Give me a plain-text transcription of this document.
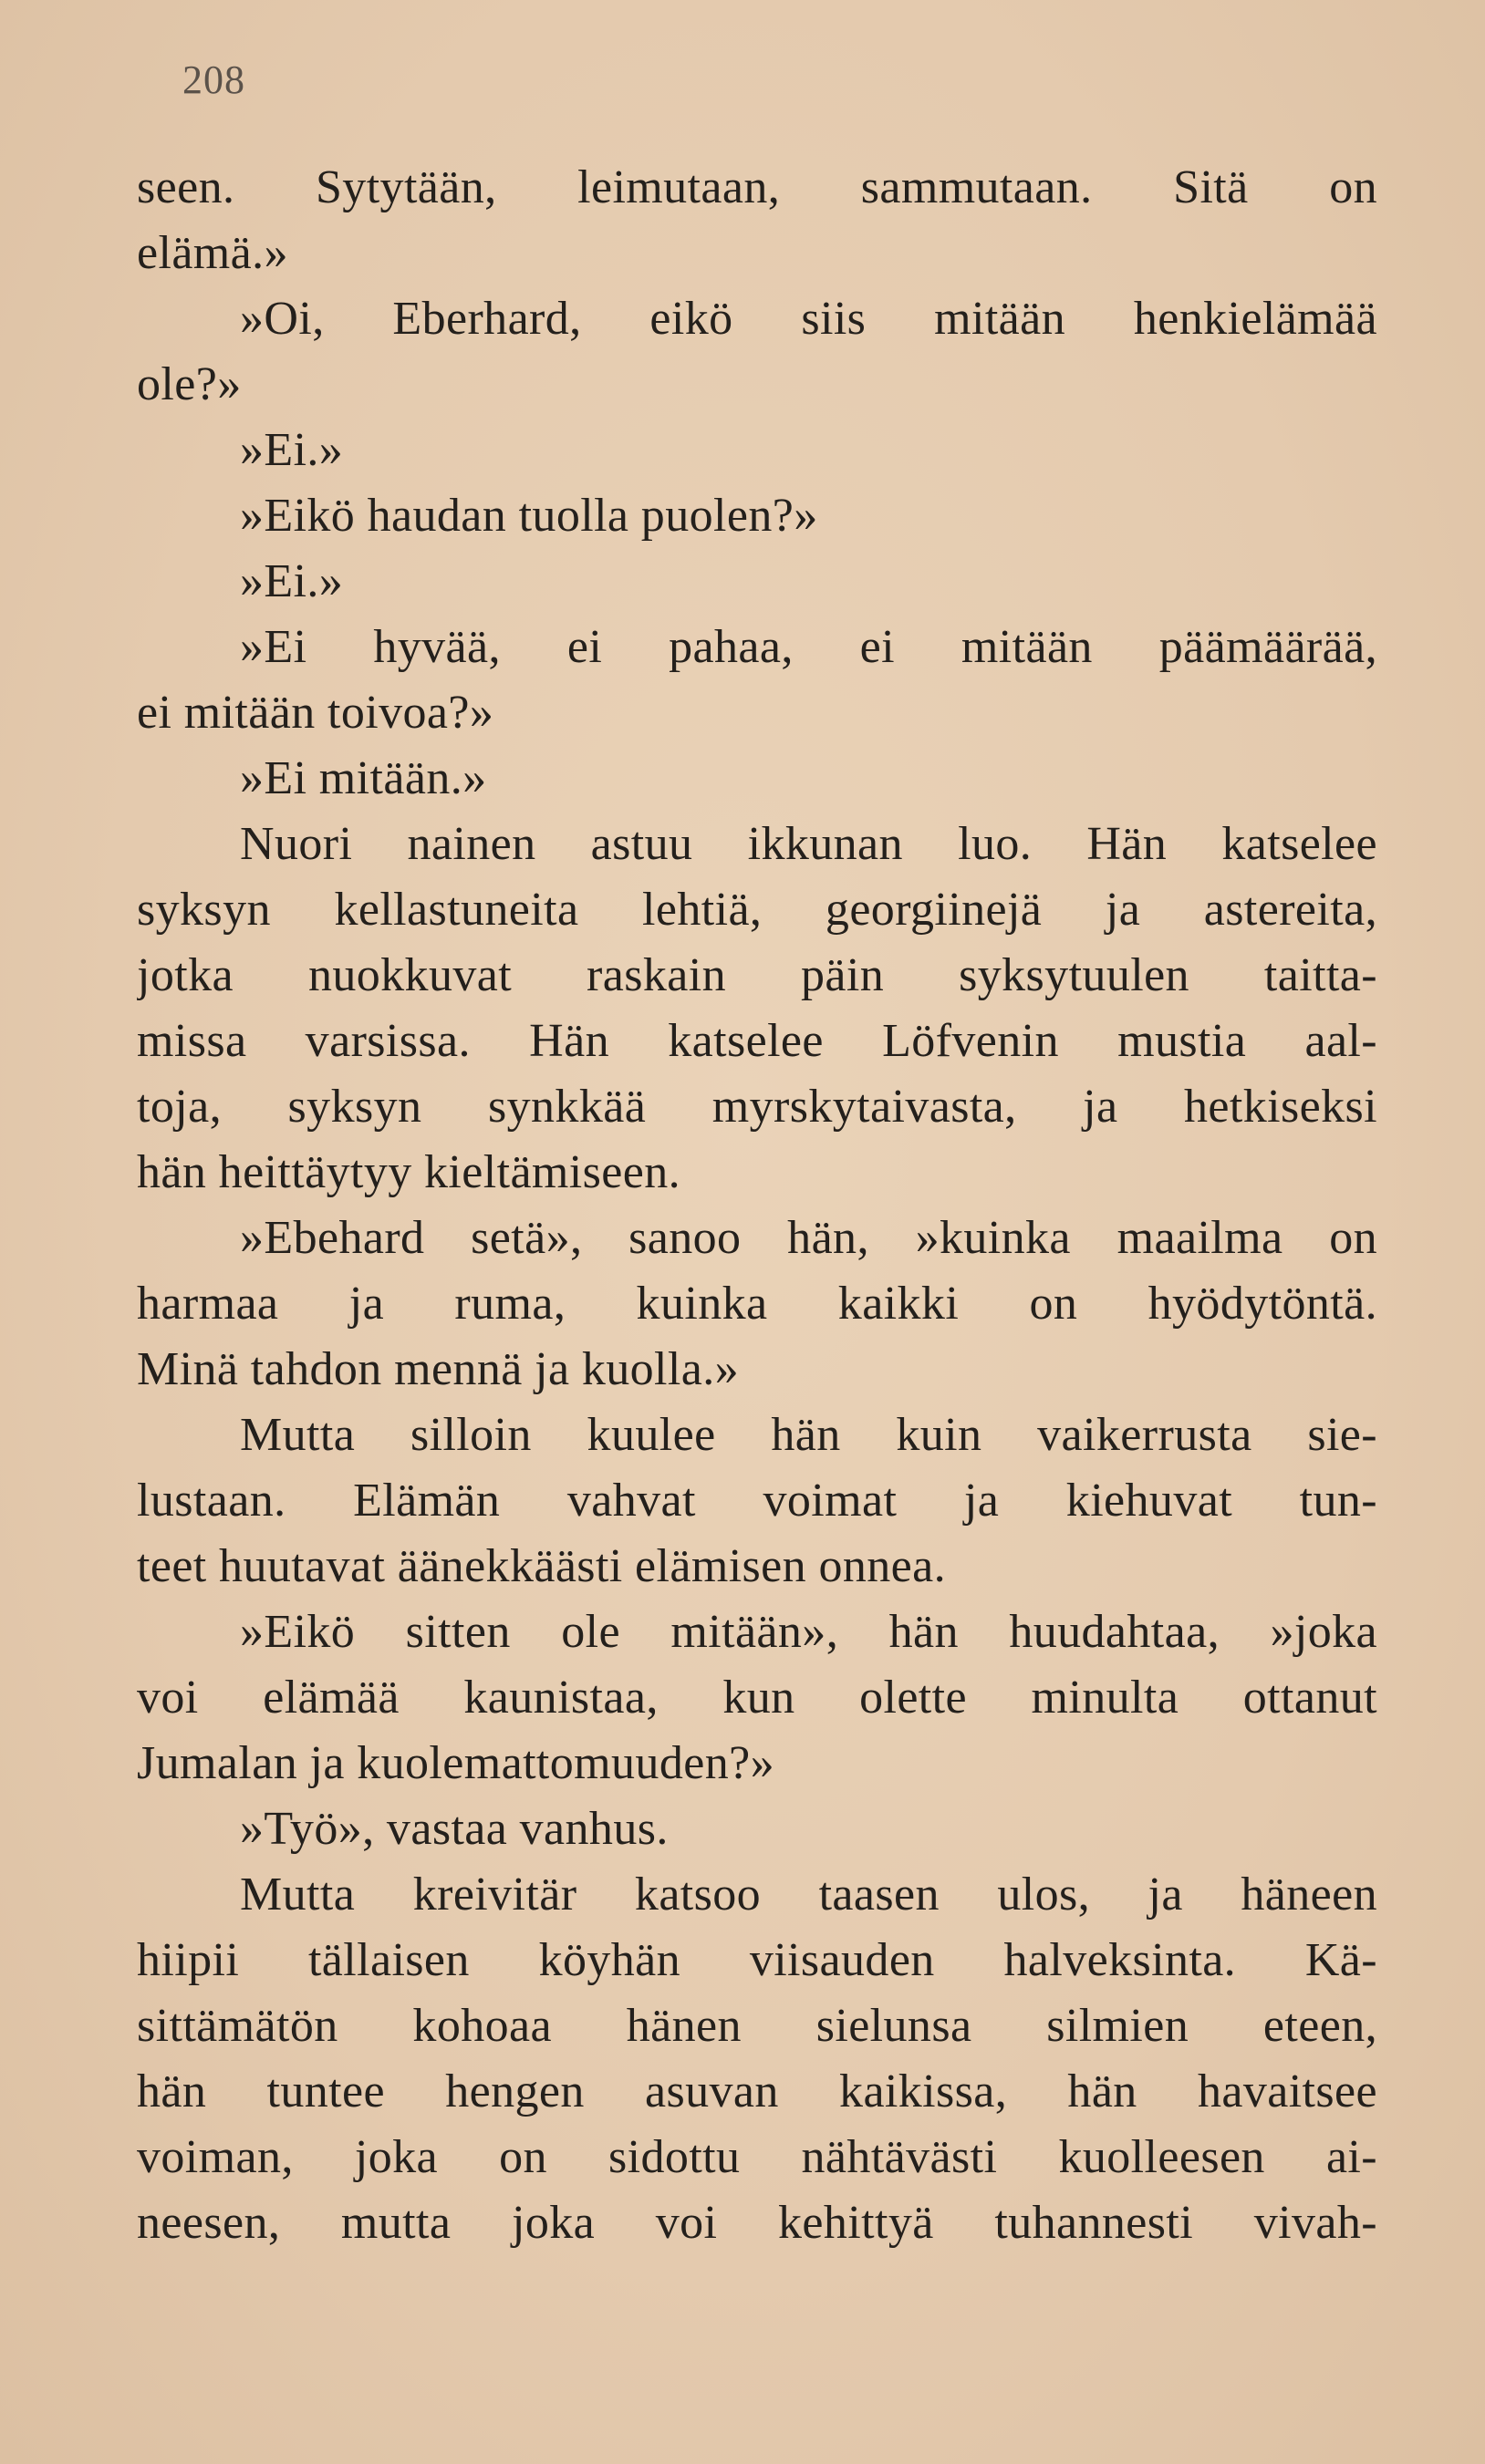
208
seen. Sytytään, leimutaan, sammutaan. Sitä on
elämä.»
»Oi, Eberhard, eikö siis mitään henkielämää
ole?»
»Ei.»
»Eikö haudan tuolla puolen?»
»Ei.»
»Ei hyvää, ei pahaa, ei mitään päämäärää,
ei mitään toivoa?»
»Ei mitään.»
Nuori nainen astuu ikkunan luo. Hän katselee
syksyn kellastuneita lehtiä, georgiinejä ja astereita,
jotka nuokkuvat raskain päin syksytuulen taitta-
missa varsissa. Hän katselee Löfvenin mustia aal-
toja, syksyn synkkää myrskytaivasta, ja hetkiseksi
hän heittäytyy kieltämiseen.
»Ebehard setä», sanoo hän, »kuinka maailma on
harmaa ja ruma, kuinka kaikki on hyödytöntä.
Minä tahdon mennä ja kuolla.»
Mutta silloin kuulee hän kuin vaikerrusta sie-
lustaan. Elämän vahvat voimat ja kiehuvat tun-
teet huutavat äänekkäästi elämisen onnea.
»Eikö sitten ole mitään», hän huudahtaa, »joka
voi elämää kaunistaa, kun olette minulta ottanut
Jumalan ja kuolemattomuuden?»
»Työ», vastaa vanhus.
Mutta kreivitär katsoo taasen ulos, ja häneen
hiipii tällaisen köyhän viisauden halveksinta. Kä-
sittämätön kohoaa hänen sielunsa silmien eteen,
hän tuntee hengen asuvan kaikissa, hän havaitsee
voiman, joka on sidottu nähtävästi kuolleesen ai-
neesen, mutta joka voi kehittyä tuhannesti vivah-
